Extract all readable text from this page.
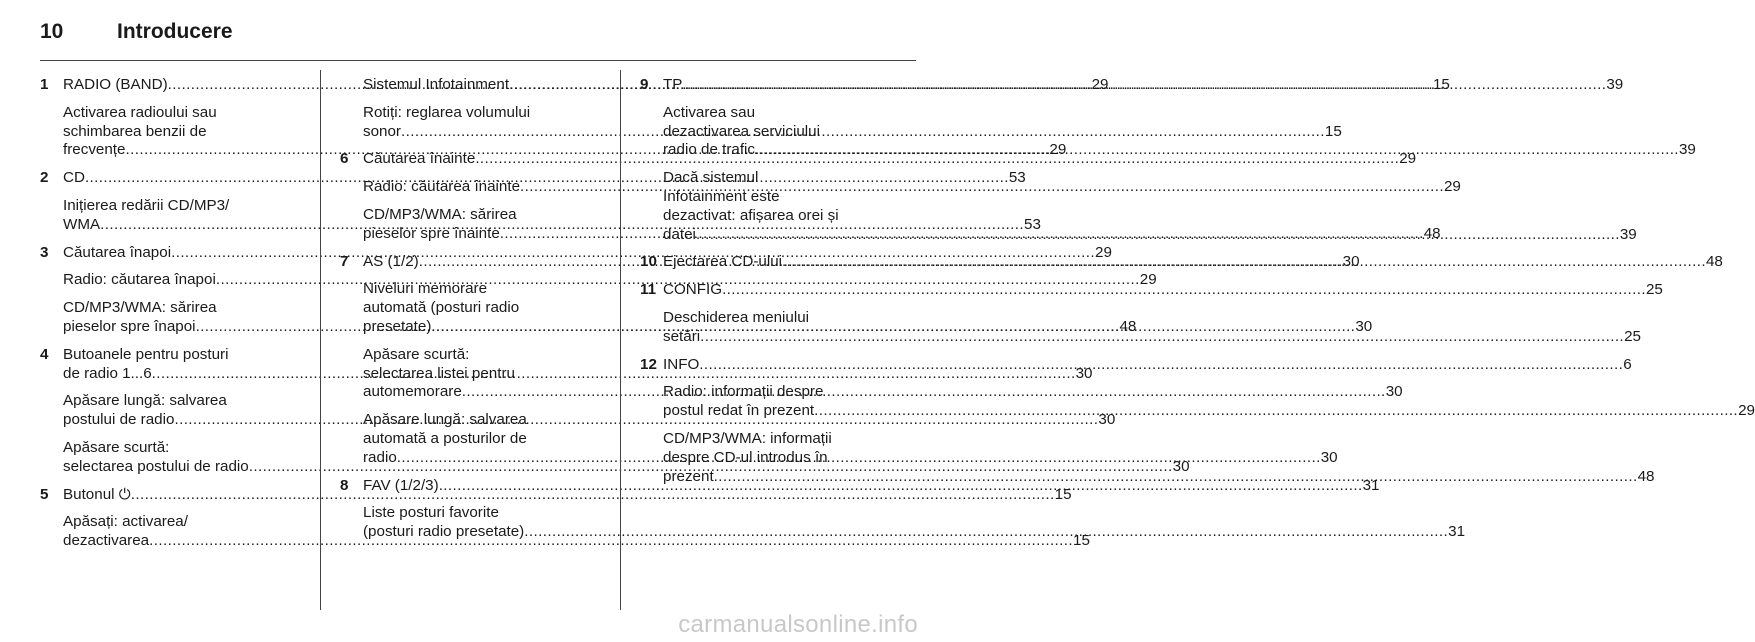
10	Introducere
1 RADIO (BAND) .....	29
Activarea radioului sau
schimbarea benzii de
frecvențe .....	29
2 CD .....	53
Inițierea redării CD/MP3/
WMA .....	53
3 Căutarea înapoi .....	29
Radio: căutarea înapoi .....	29
CD/MP3/WMA: sărirea
pieselor spre înapoi .....	48
4 Butoanele pentru posturi
de radio 1...6 .....	30
Apăsare lungă: salvarea
postului de radio .....	30
Apăsare scurtă:
selectarea postului de radio .....	30
5 Butonul ⏻ .....	15
Apăsați: activarea/
dezactivarea .....	15
Sistemul Infotainment .....	15
Rotiți: reglarea volumului
sonor .....	15
6 Căutarea înainte .....	29
Radio: căutarea înainte .....	29
CD/MP3/WMA: sărirea
pieselor spre înainte .....	48
7 AS (1/2) .....	30
Niveluri memorare
automată (posturi radio
presetate) .....	30
Apăsare scurtă:
selectarea listei pentru
automemorare .....	30
Apăsare lungă: salvarea
automată a posturilor de
radio .....	30
8 FAV (1/2/3) .....	31
Liste posturi favorite
(posturi radio presetate) .....	31
9 TP .....	39
Activarea sau
dezactivarea serviciului
radio de trafic .....	39
Dacă sistemul
Infotainment este
dezactivat: afișarea orei și
datei .....	39
10 Ejectarea CD-ului .....	48
11 CONFIG .....	25
Deschiderea meniului
setări .....	25
12 INFO .....	6
Radio: informații despre
postul redat în prezent .....	29
CD/MP3/WMA: informații
despre CD-ul introdus în
prezent .....	48
carmanualsonline.info
